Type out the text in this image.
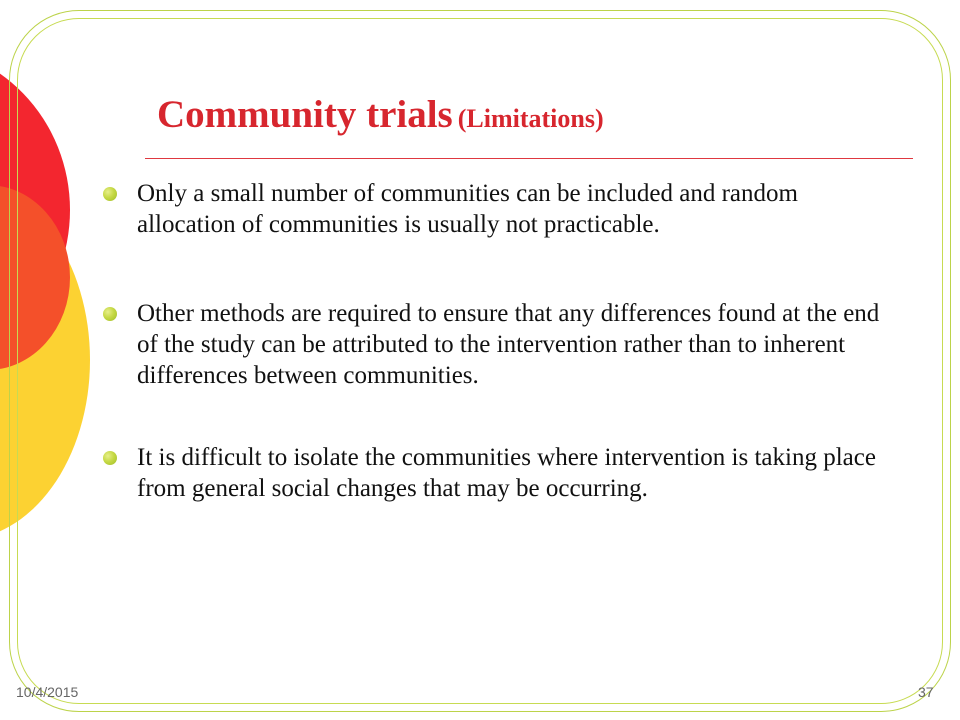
Community trials (Limitations)
Only a small number of communities can be included and random allocation of communities is usually not practicable.
Other methods are required to ensure that any differences found at the end of the study can be attributed to the intervention rather than to inherent differences between communities.
It is difficult to isolate the communities where intervention is taking place from general social changes that may be occurring.
10/4/2015	37
